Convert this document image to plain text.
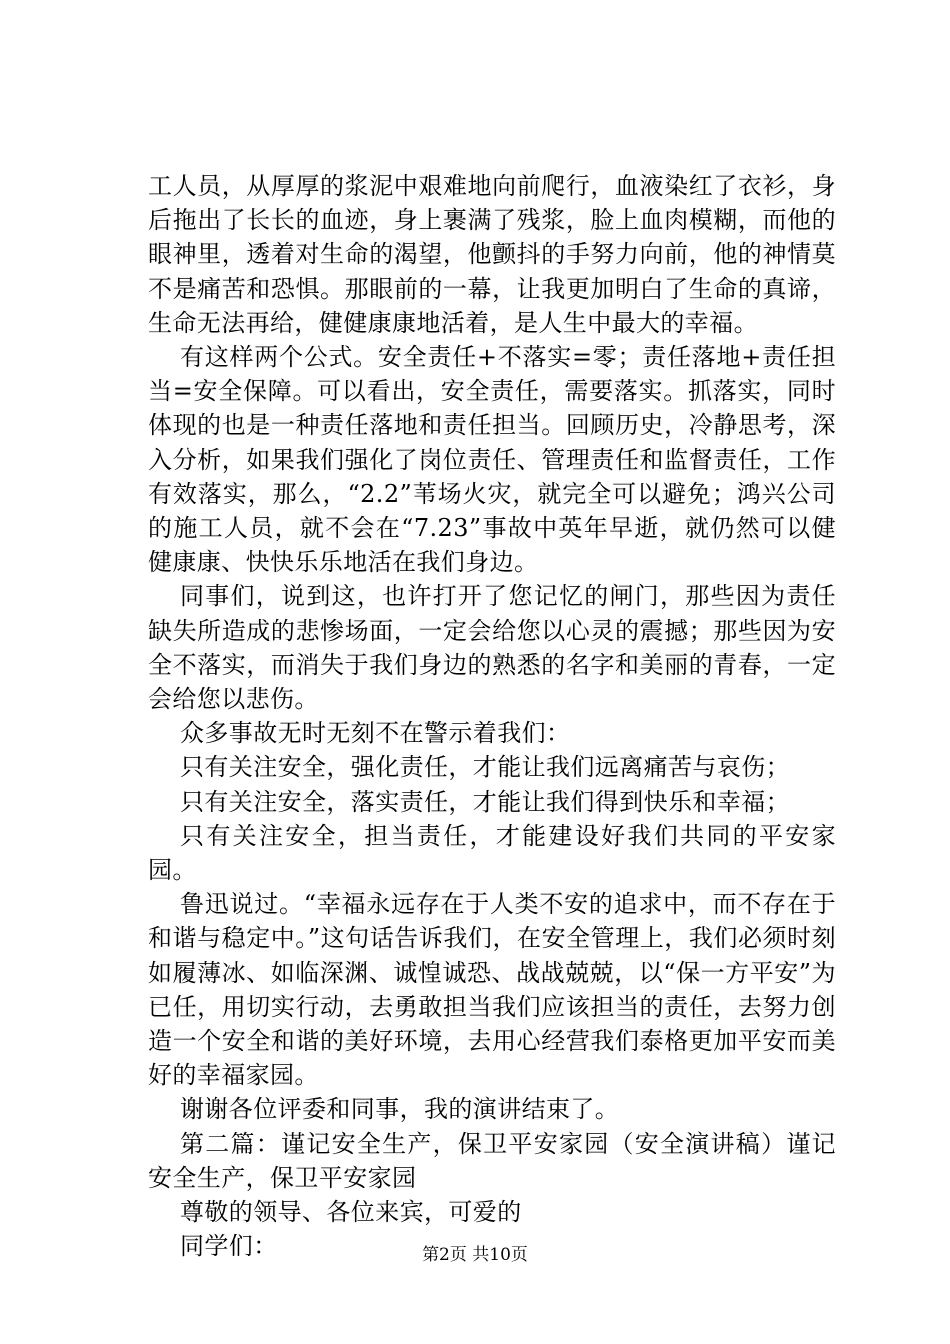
工人员，从厚厚的浆泥中艰难地向前爬行，血液染红了衣衫，身后拖出了长长的血迹，身上裹满了残浆，脸上血肉模糊，而他的眼神里，透着对生命的渴望，他颤抖的手努力向前，他的神情莫不是痛苦和恐惧。那眼前的一幕，让我更加明白了生命的真谛，生命无法再给，健健康康地活着，是人生中最大的幸福。

有这样两个公式。安全责任+不落实=零；责任落地+责任担当=安全保障。可以看出，安全责任，需要落实。抓落实，同时体现的也是一种责任落地和责任担当。回顾历史，冷静思考，深入分析，如果我们强化了岗位责任、管理责任和监督责任，工作有效落实，那么，“2.2”苇场火灾，就完全可以避免；鸿兴公司的施工人员，就不会在“7.23”事故中英年早逝，就仍然可以健健康康、快快乐乐地活在我们身边。

同事们，说到这，也许打开了您记忆的闸门，那些因为责任缺失所造成的悲惨场面，一定会给您以心灵的震撼；那些因为安全不落实，而消失于我们身边的熟悉的名字和美丽的青春，一定会给您以悲伤。

众多事故无时无刻不在警示着我们：

只有关注安全，强化责任，才能让我们远离痛苦与哀伤；

只有关注安全，落实责任，才能让我们得到快乐和幸福；

只有关注安全，担当责任，才能建设好我们共同的平安家园。

鲁迅说过。“幸福永远存在于人类不安的追求中，而不存在于和谐与稳定中。”这句话告诉我们，在安全管理上，我们必须时刻如履薄冰、如临深渊、诚惶诚恐、战战兢兢，以“保一方平安”为已任，用切实行动，去勇敢担当我们应该担当的责任，去努力创造一个安全和谐的美好环境，去用心经营我们泰格更加平安而美好的幸福家园。

谢谢各位评委和同事，我的演讲结束了。

第二篇：谨记安全生产，保卫平安家园（安全演讲稿）谨记安全生产，保卫平安家园

尊敬的领导、各位来宾，可爱的

同学们：	第2页 共10页
